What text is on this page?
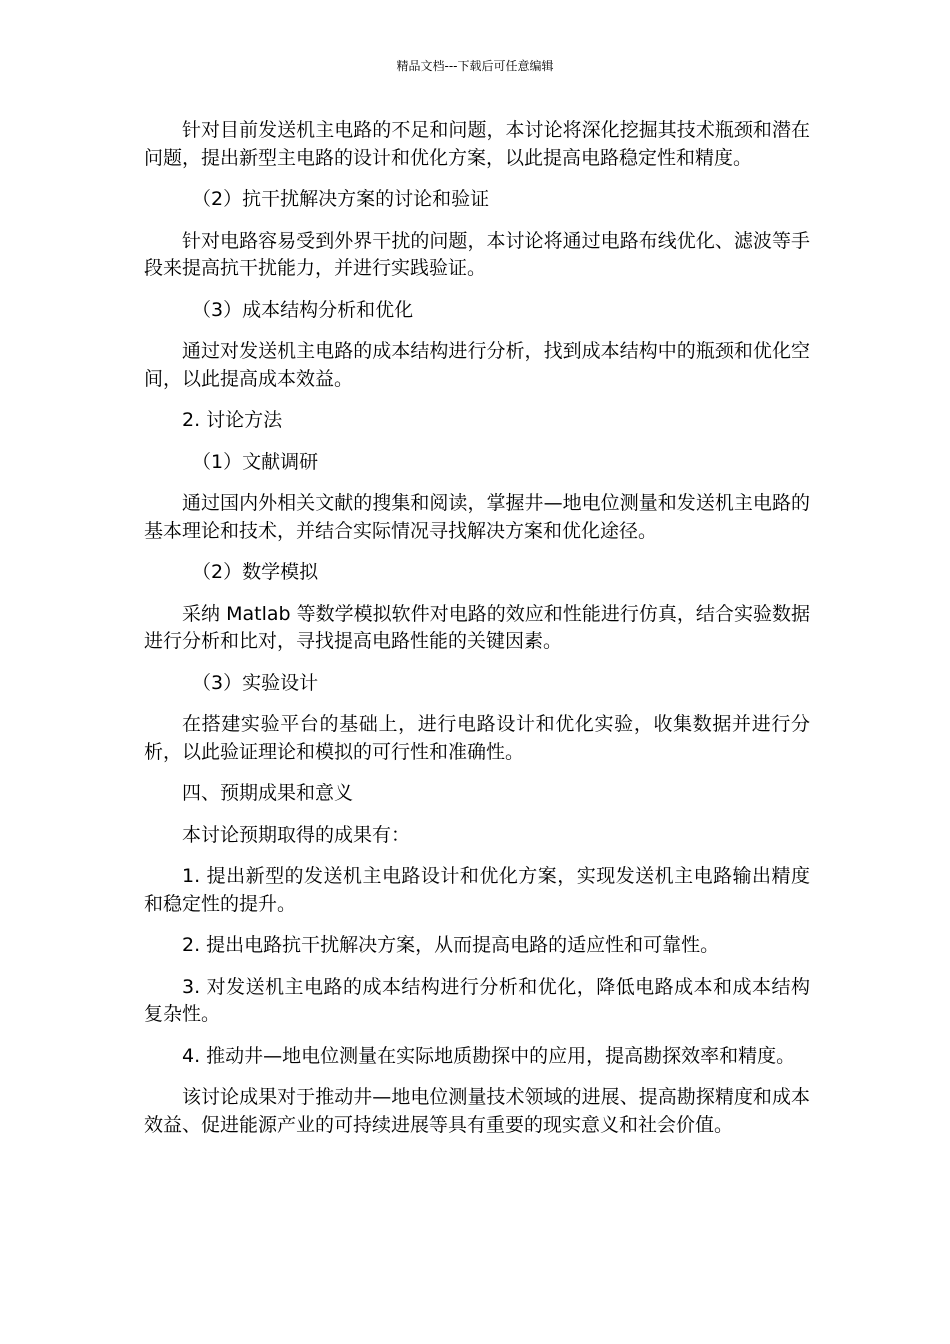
精品文档---下载后可任意编辑

针对目前发送机主电路的不足和问题，本讨论将深化挖掘其技术瓶颈和潜在问题，提出新型主电路的设计和优化方案，以此提高电路稳定性和精度。

（2）抗干扰解决方案的讨论和验证

针对电路容易受到外界干扰的问题，本讨论将通过电路布线优化、滤波等手段来提高抗干扰能力，并进行实践验证。

（3）成本结构分析和优化

通过对发送机主电路的成本结构进行分析，找到成本结构中的瓶颈和优化空间，以此提高成本效益。

2. 讨论方法

（1）文献调研

通过国内外相关文献的搜集和阅读，掌握井—地电位测量和发送机主电路的基本理论和技术，并结合实际情况寻找解决方案和优化途径。

（2）数学模拟

采纳 Matlab 等数学模拟软件对电路的效应和性能进行仿真，结合实验数据进行分析和比对，寻找提高电路性能的关键因素。

（3）实验设计

在搭建实验平台的基础上，进行电路设计和优化实验，收集数据并进行分析，以此验证理论和模拟的可行性和准确性。

四、预期成果和意义

本讨论预期取得的成果有：

1. 提出新型的发送机主电路设计和优化方案，实现发送机主电路输出精度和稳定性的提升。

2. 提出电路抗干扰解决方案，从而提高电路的适应性和可靠性。

3. 对发送机主电路的成本结构进行分析和优化，降低电路成本和成本结构复杂性。

4. 推动井—地电位测量在实际地质勘探中的应用，提高勘探效率和精度。

该讨论成果对于推动井—地电位测量技术领域的进展、提高勘探精度和成本效益、促进能源产业的可持续进展等具有重要的现实意义和社会价值。
